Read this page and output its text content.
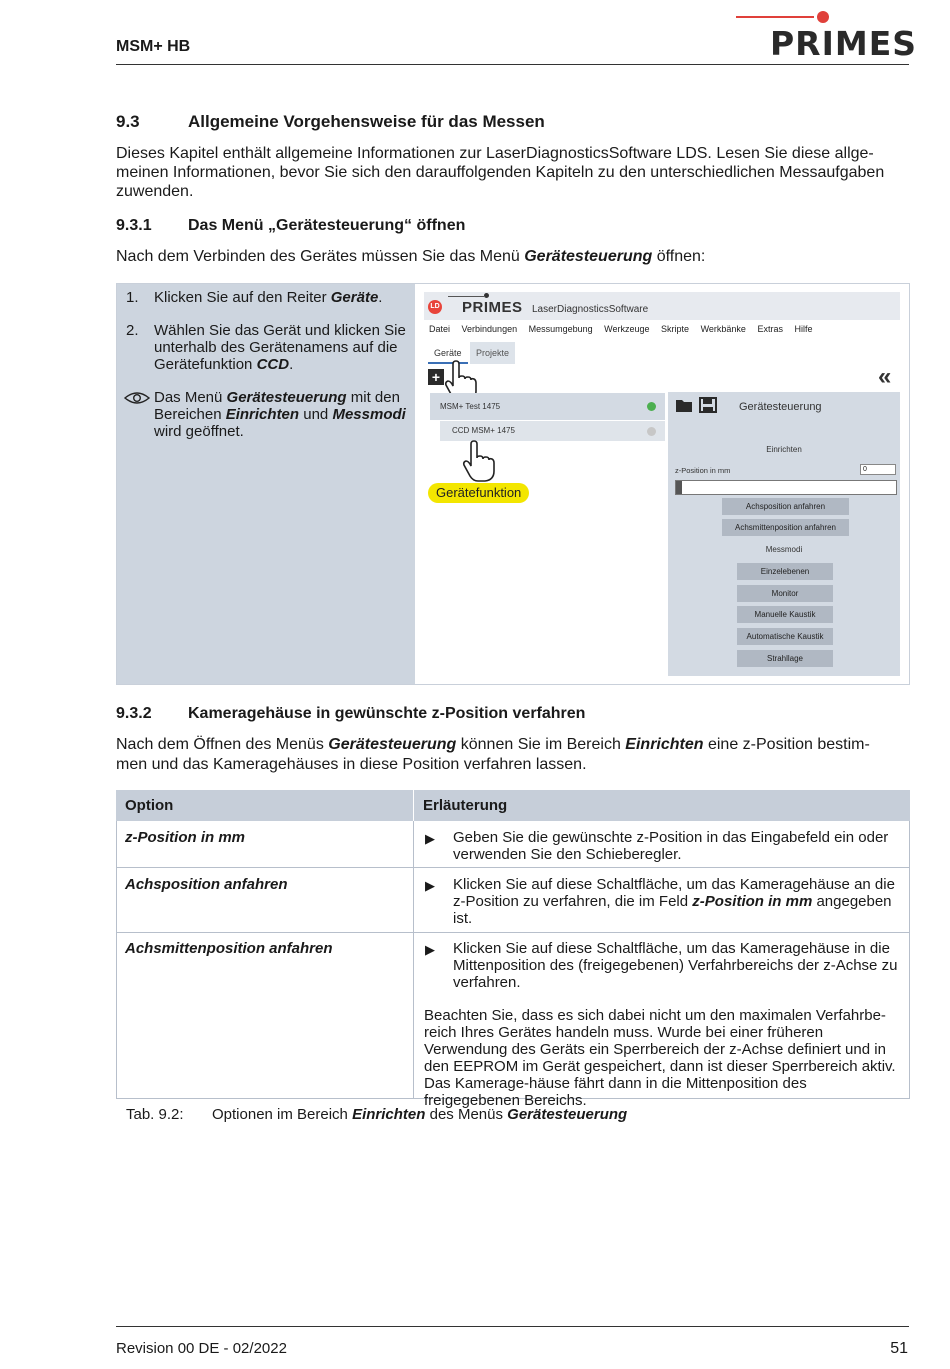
MSM+ HB	PRIMES
9.3	Allgemeine Vorgehensweise für das Messen
Dieses Kapitel enthält allgemeine Informationen zur LaserDiagnosticsSoftware LDS. Lesen Sie diese allge-
meinen Informationen, bevor Sie sich den darauffolgenden Kapiteln zu den unterschiedlichen Messaufgaben
zuwenden.
9.3.1 Das Menü „Gerätesteuerung“ öffnen
Nach dem Verbinden des Gerätes müssen Sie das Menü Gerätesteuerung öffnen:
1. Klicken Sie auf den Reiter Geräte.
2. Wählen Sie das Gerät und klicken Sie unterhalb des Gerätenamens auf die Gerätefunktion CCD.
Das Menü Gerätesteuerung mit den Bereichen Einrichten und Messmodi wird geöffnet.
LD PRIMES LaserDiagnosticsSoftware
Datei Verbindungen Messumgebung Werkzeuge Skripte Werkbänke Extras Hilfe
Geräte	Projekte
+	«
MSM+ Test 1475
CCD MSM+ 1475
Gerätefunktion
Gerätesteuerung
Einrichten
z-Position in mm	0
Achsposition anfahren
Achsmittenposition anfahren
Messmodi
Einzelebenen
Monitor
Manuelle Kaustik
Automatische Kaustik
Strahllage
9.3.2 Kameragehäuse in gewünschte z-Position verfahren
Nach dem Öffnen des Menüs Gerätesteuerung können Sie im Bereich Einrichten eine z-Position bestim-
men und das Kameragehäuses in diese Position verfahren lassen.
Option	Erläuterung
z-Position in mm	▶ Geben Sie die gewünschte z-Position in das Eingabefeld ein oder verwenden Sie den Schieberegler.
Achsposition anfahren	▶ Klicken Sie auf diese Schaltfläche, um das Kameragehäuse an die z-Position zu verfahren, die im Feld z-Position in mm angegeben ist.
Achsmittenposition anfahren	▶ Klicken Sie auf diese Schaltfläche, um das Kameragehäuse in die Mittenposition des (freigegebenen) Verfahrbereichs der z-Achse zu verfahren.
Beachten Sie, dass es sich dabei nicht um den maximalen Verfahrbe-reich Ihres Gerätes handeln muss. Wurde bei einer früheren Verwendung des Geräts ein Sperrbereich der z-Achse definiert und in den EEPROM im Gerät gespeichert, dann ist dieser Sperrbereich aktiv. Das Kamerage-häuse fährt dann in die Mittenposition des freigegebenen Bereichs.
Tab. 9.2: Optionen im Bereich Einrichten des Menüs Gerätesteuerung
Revision 00 DE - 02/2022	51
